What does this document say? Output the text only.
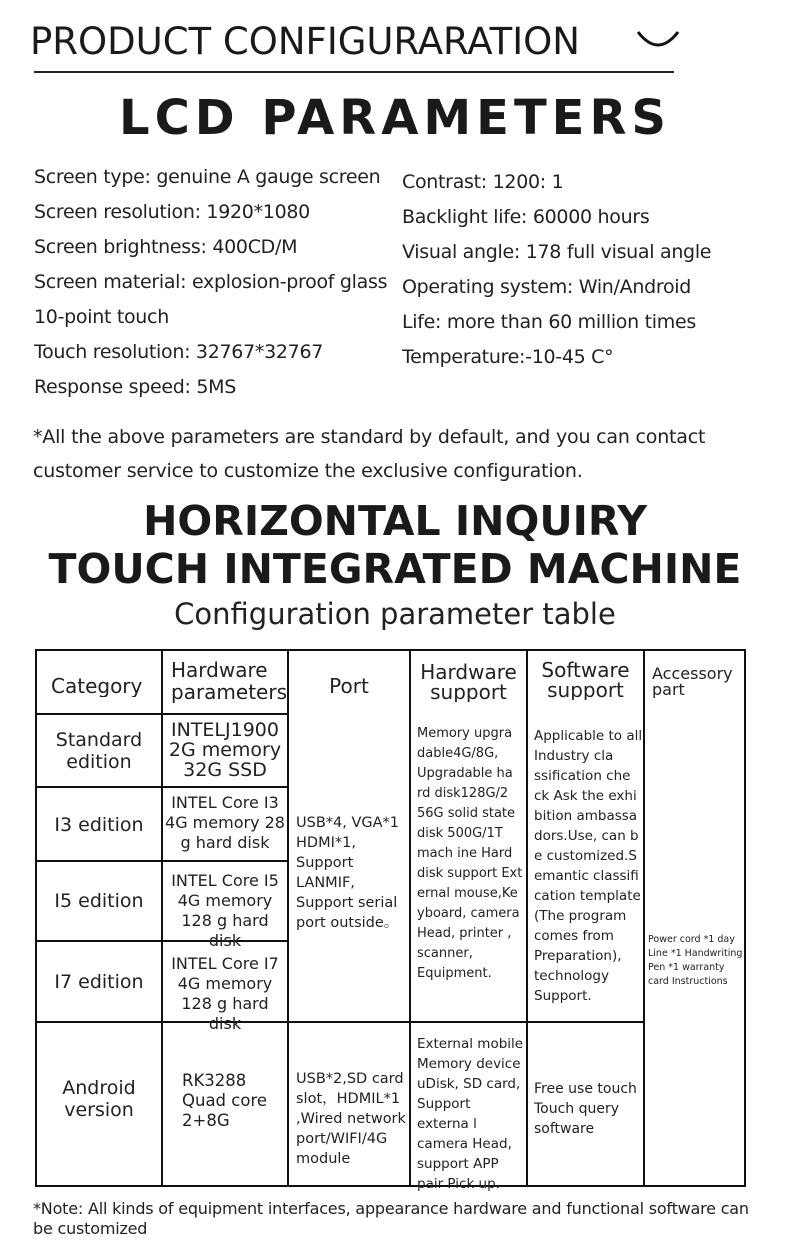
PRODUCT CONFIGURARATION
LCD PARAMETERS
Screen type: genuine A gauge screen
Screen resolution: 1920*1080
Screen brightness: 400CD/M
Screen material: explosion-proof glass
10-point touch
Touch resolution: 32767*32767
Response speed: 5MS
Contrast: 1200: 1
Backlight life: 60000 hours
Visual angle: 178 full visual angle
Operating system: Win/Android
Life: more than 60 million times
Temperature:-10-45 C°
*All the above parameters are standard by default, and you can contact customer service to customize the exclusive configuration.
HORIZONTAL INQUIRY
TOUCH INTEGRATED MACHINE
Configuration parameter table
Category
Hardware parameters	Port
Hardware support
Software support
Accessory part
Standard edition
INTELJ1900 2G memory 32G SSD
I3 edition
INTEL Core I3 4G memory 28 g hard disk
I5 edition
INTEL Core I5 4G memory 128 g hard disk
I7 edition
INTEL Core I7 4G memory 128 g hard disk
USB*4, VGA*1 HDMI*1, Support LANMIF, Support serial port outside。
Memory upgra dable4G/8G, Upgradable ha rd disk128G/2 56G solid state disk 500G/1T mach ine Hard disk support Ext ernal mouse,Ke yboard, camera Head, printer , scanner, Equipment.
Applicable to all Industry cla ssification che ck Ask the exhi bition ambassa dors.Use, can b e customized.S emantic classifi cation template (The program comes from Preparation), technology Support.
Power cord *1 day Line *1 Handwriting Pen *1 warranty card Instructions
Android version
RK3288 Quad core 2+8G
USB*2,SD card slot，HDMIL*1 ,Wired network port/WIFI/4G module
External mobile Memory device uDisk, SD card, Support externa l camera Head, support APP pair Pick up.
Free use touch Touch query software
*Note: All kinds of equipment interfaces, appearance hardware and functional software can be customized
